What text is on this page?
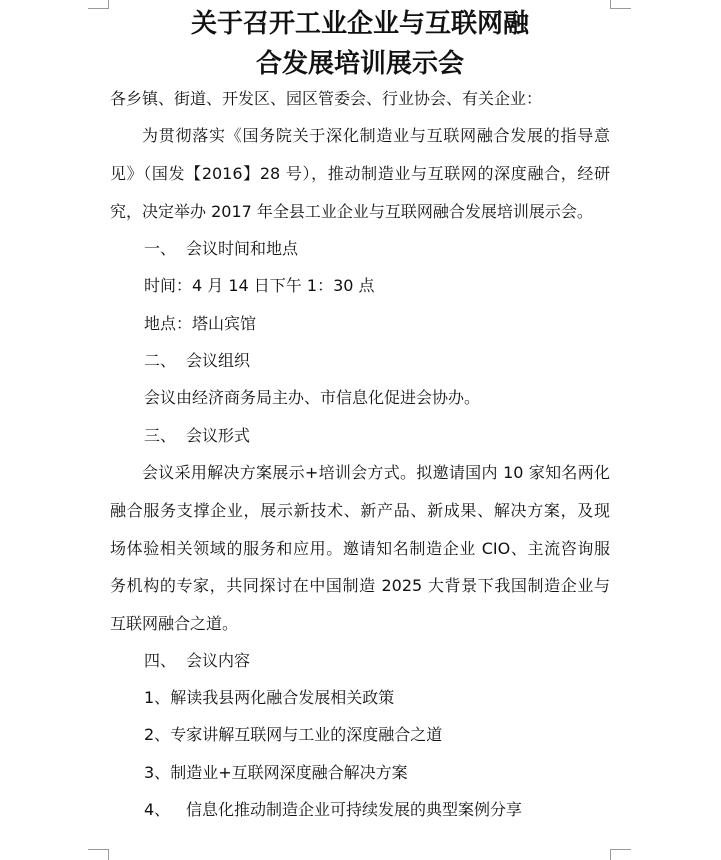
关于召开工业企业与互联网融
合发展培训展示会

各乡镇、街道、开发区、园区管委会、行业协会、有关企业：

为贯彻落实《国务院关于深化制造业与互联网融合发展的指导意

见》（国发【2016】28 号），推动制造业与互联网的深度融合，经研

究，决定举办 2017 年全县工业企业与互联网融合发展培训展示会。

一、 会议时间和地点

时间：4 月 14 日下午 1：30 点

地点：塔山宾馆

二、 会议组织

会议由经济商务局主办、市信息化促进会协办。

三、 会议形式

会议采用解决方案展示+培训会方式。拟邀请国内 10 家知名两化

融合服务支撑企业，展示新技术、新产品、新成果、解决方案，及现

场体验相关领域的服务和应用。邀请知名制造企业 CIO、主流咨询服

务机构的专家，共同探讨在中国制造 2025 大背景下我国制造企业与

互联网融合之道。

四、 会议内容

1、解读我县两化融合发展相关政策

2、专家讲解互联网与工业的深度融合之道

3、制造业+互联网深度融合解决方案

4、 信息化推动制造企业可持续发展的典型案例分享
